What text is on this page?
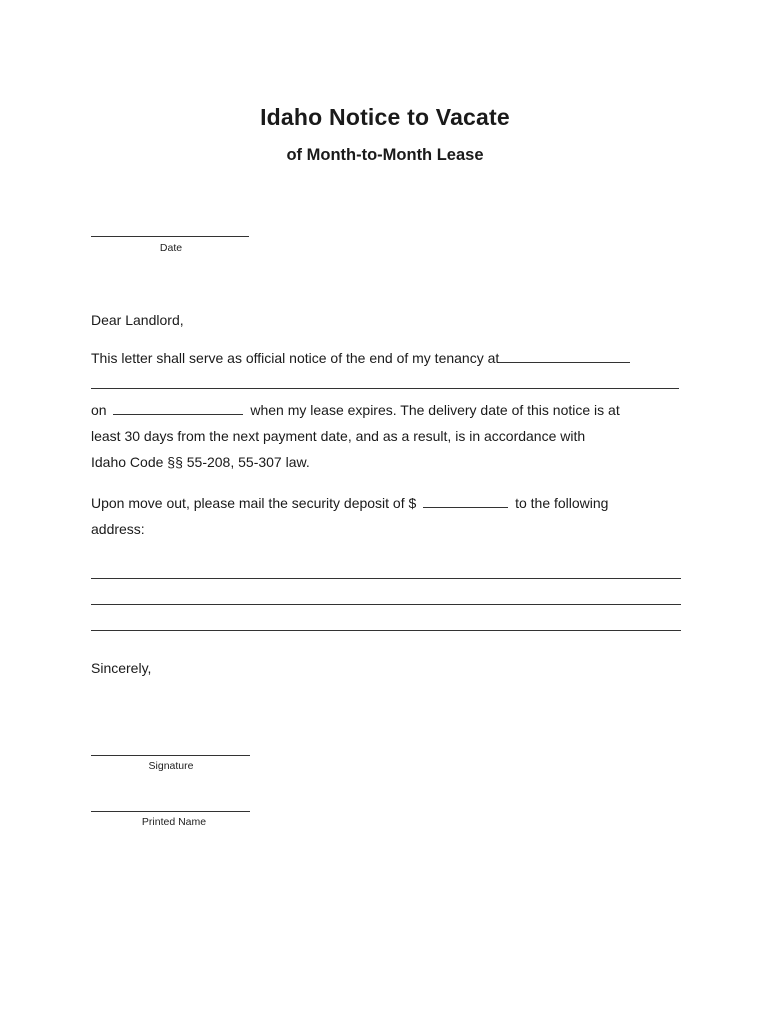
Idaho Notice to Vacate
of Month-to-Month Lease
Date
Dear Landlord,
This letter shall serve as official notice of the end of my tenancy at
on	when my lease expires. The delivery date of this notice is at
least 30 days from the next payment date, and as a result, is in accordance with
Idaho Code §§ 55-208, 55-307 law.
Upon move out, please mail the security deposit of $	to the following
address:
Sincerely,
Signature
Printed Name
